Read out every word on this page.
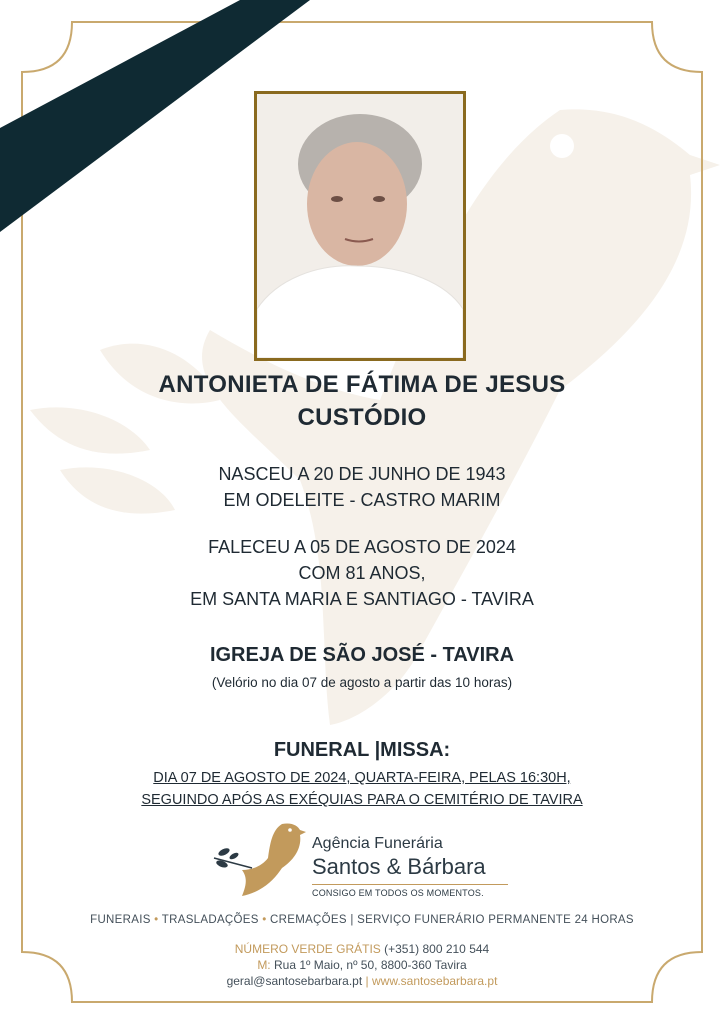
ANTONIETA DE FÁTIMA DE JESUS
CUSTÓDIO
NASCEU A 20 DE JUNHO DE 1943
EM ODELEITE - CASTRO MARIM
FALECEU A 05 DE AGOSTO DE 2024
COM 81 ANOS,
EM SANTA MARIA E SANTIAGO - TAVIRA
IGREJA DE SÃO JOSÉ - TAVIRA
(Velório no dia 07 de agosto a partir das 10 horas)
FUNERAL |MISSA:
DIA 07 DE AGOSTO DE 2024, QUARTA-FEIRA, PELAS 16:30H,
SEGUINDO APÓS AS EXÉQUIAS PARA O CEMITÉRIO DE TAVIRA
Agência Funerária
Santos & Bárbara
CONSIGO EM TODOS OS MOMENTOS.
FUNERAIS • TRASLADAÇÕES • CREMAÇÕES | SERVIÇO FUNERÁRIO PERMANENTE 24 HORAS
NÚMERO VERDE GRÁTIS (+351) 800 210 544
M: Rua 1º Maio, nº 50, 8800-360 Tavira
geral@santosebarbara.pt | www.santosebarbara.pt
